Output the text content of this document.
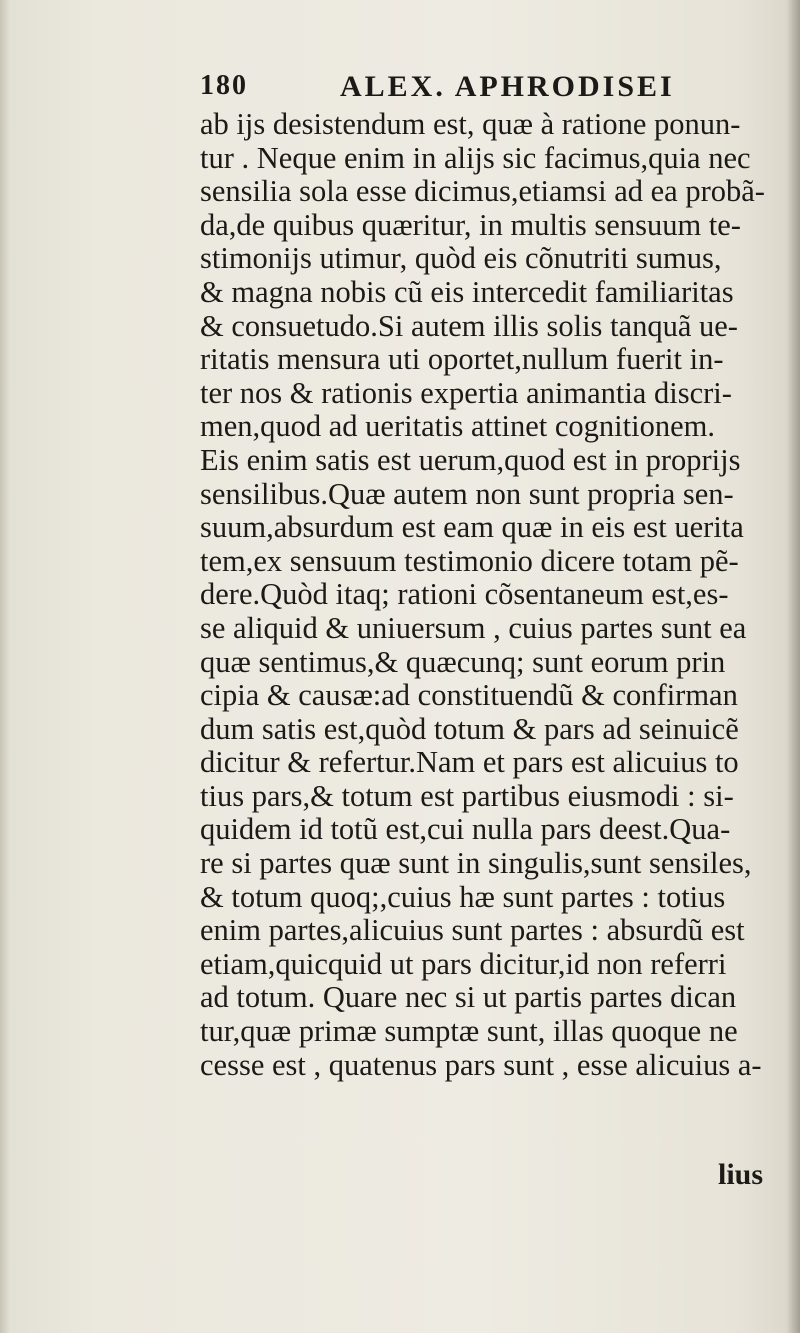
180	ALEX. APHRODISEI
ab ijs desistendum est, quæ à ratione ponun-
tur . Neque enim in alijs sic facimus,quia nec
sensilia sola esse dicimus,etiamsi ad ea probã-
da,de quibus quæritur, in multis sensuum te-
stimonijs utimur, quòd eis cõnutriti sumus,
& magna nobis cũ eis intercedit familiaritas
& consuetudo.Si autem illis solis tanquã ue-
ritatis mensura uti oportet,nullum fuerit in-
ter nos & rationis expertia animantia discri-
men,quod ad ueritatis attinet cognitionem.
Eis enim satis est uerum,quod est in proprijs
sensilibus.Quæ autem non sunt propria sen-
suum,absurdum est eam quæ in eis est uerita
tem,ex sensuum testimonio dicere totam pẽ-
dere.Quòd itaq; rationi cõsentaneum est,es-
se aliquid & uniuersum , cuius partes sunt ea
quæ sentimus,& quæcunq; sunt eorum prin
cipia & causæ:ad constituendũ & confirman
dum satis est,quòd totum & pars ad seinuicẽ
dicitur & refertur.Nam et pars est alicuius to
tius pars,& totum est partibus eiusmodi : si-
quidem id totũ est,cui nulla pars deest.Qua-
re si partes quæ sunt in singulis,sunt sensiles,
& totum quoq;,cuius hæ sunt partes : totius
enim partes,alicuius sunt partes : absurdũ est
etiam,quicquid ut pars dicitur,id non referri
ad totum. Quare nec si ut partis partes dican
tur,quæ primæ sumptæ sunt, illas quoque ne
cesse est , quatenus pars sunt , esse alicuius a-
lius
